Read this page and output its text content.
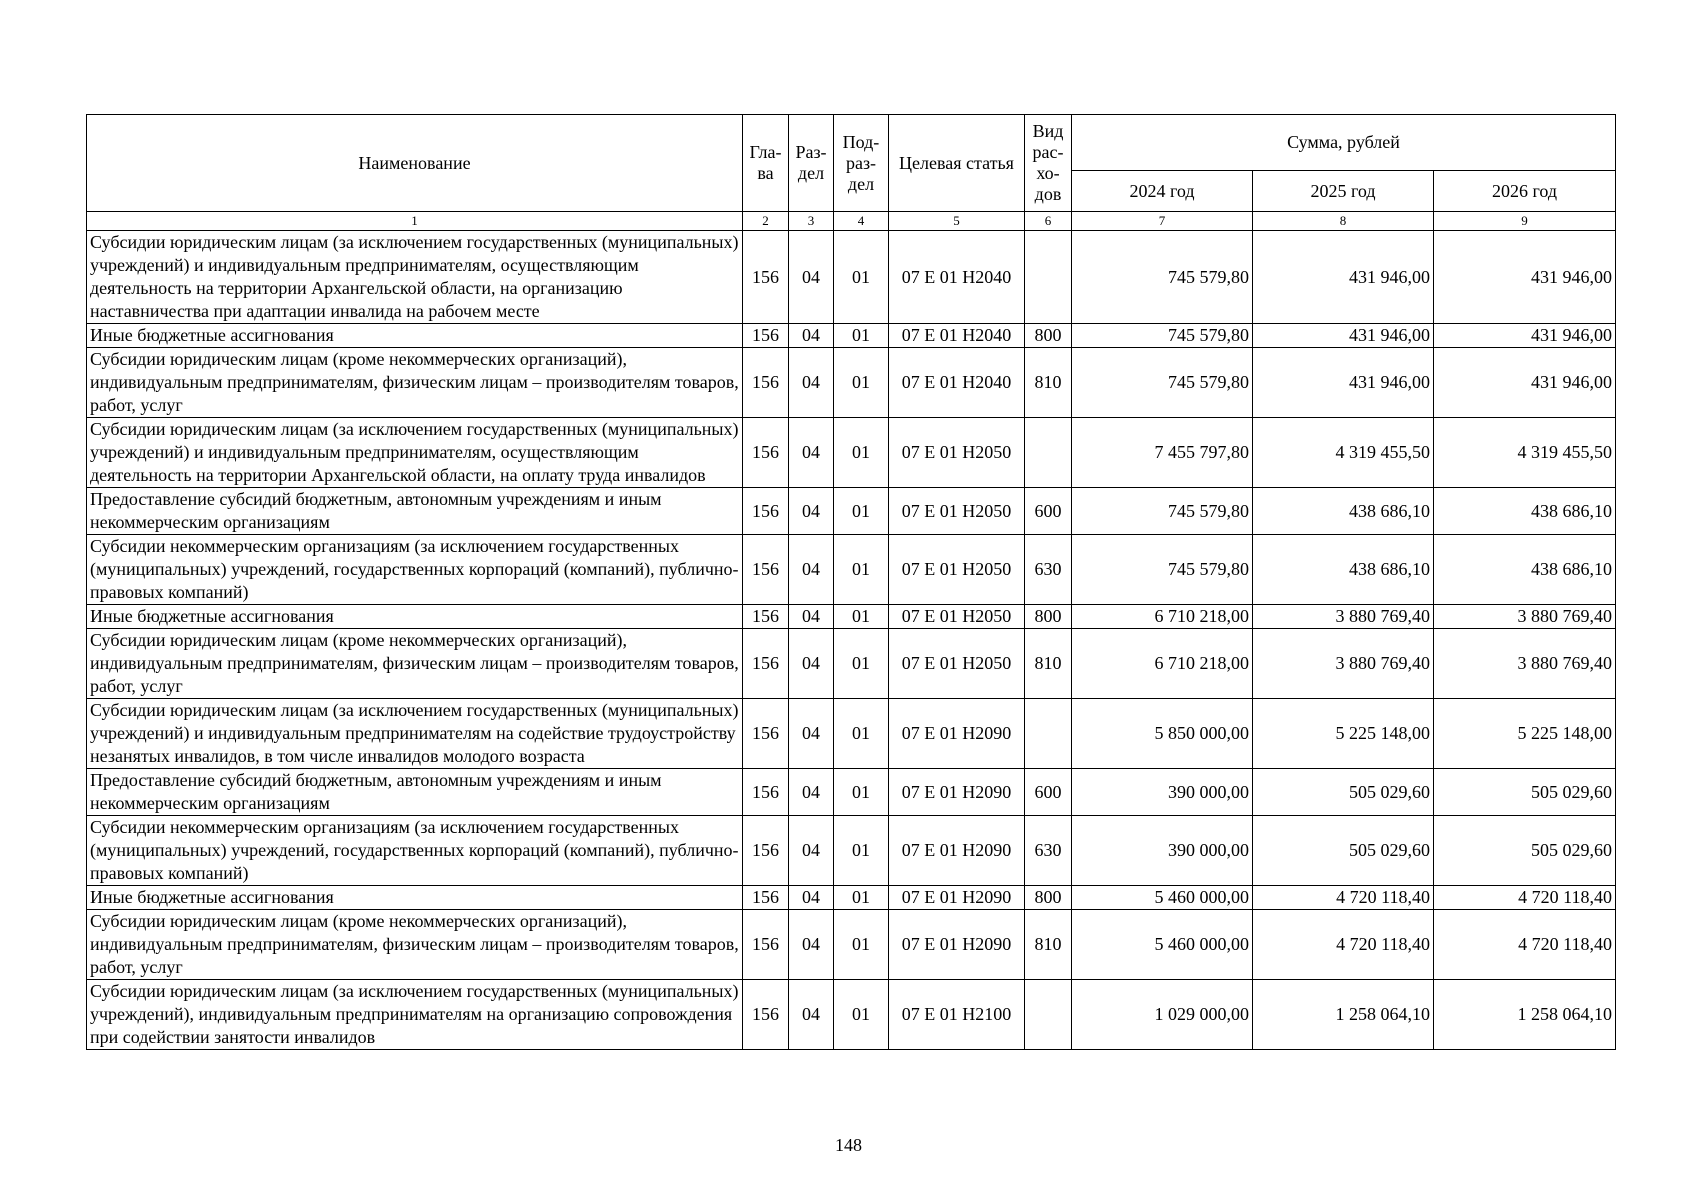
Наименование	Гла-ва	Раз-дел	Под-раз-дел	Целевая статья	Вид рас-хо-дов	Сумма, рублей		
						2024 год	2025 год	2026 год
1	2	3	4	5	6	7	8	9
Субсидии юридическим лицам (за исключением государственных (муниципальных) учреждений) и индивидуальным предпринимателям, осуществляющим деятельность на территории Архангельской области, на организацию наставничества при адаптации инвалида на рабочем месте	156	04	01	07 Е 01 Н2040		745 579,80	431 946,00	431 946,00
Иные бюджетные ассигнования	156	04	01	07 Е 01 Н2040	800	745 579,80	431 946,00	431 946,00
Субсидии юридическим лицам (кроме некоммерческих организаций), индивидуальным предпринимателям, физическим лицам – производителям товаров, работ, услуг	156	04	01	07 Е 01 Н2040	810	745 579,80	431 946,00	431 946,00
Субсидии юридическим лицам (за исключением государственных (муниципальных) учреждений) и индивидуальным предпринимателям, осуществляющим деятельность на территории Архангельской области, на оплату труда инвалидов	156	04	01	07 Е 01 Н2050		7 455 797,80	4 319 455,50	4 319 455,50
Предоставление субсидий бюджетным, автономным учреждениям и иным некоммерческим организациям	156	04	01	07 Е 01 Н2050	600	745 579,80	438 686,10	438 686,10
Субсидии некоммерческим организациям (за исключением государственных (муниципальных) учреждений, государственных корпораций (компаний), публично-правовых компаний)	156	04	01	07 Е 01 Н2050	630	745 579,80	438 686,10	438 686,10
Иные бюджетные ассигнования	156	04	01	07 Е 01 Н2050	800	6 710 218,00	3 880 769,40	3 880 769,40
Субсидии юридическим лицам (кроме некоммерческих организаций), индивидуальным предпринимателям, физическим лицам – производителям товаров, работ, услуг	156	04	01	07 Е 01 Н2050	810	6 710 218,00	3 880 769,40	3 880 769,40
Субсидии юридическим лицам (за исключением государственных (муниципальных) учреждений) и индивидуальным предпринимателям на содействие трудоустройству незанятых инвалидов, в том числе инвалидов молодого возраста	156	04	01	07 Е 01 Н2090		5 850 000,00	5 225 148,00	5 225 148,00
Предоставление субсидий бюджетным, автономным учреждениям и иным некоммерческим организациям	156	04	01	07 Е 01 Н2090	600	390 000,00	505 029,60	505 029,60
Субсидии некоммерческим организациям (за исключением государственных (муниципальных) учреждений, государственных корпораций (компаний), публично-правовых компаний)	156	04	01	07 Е 01 Н2090	630	390 000,00	505 029,60	505 029,60
Иные бюджетные ассигнования	156	04	01	07 Е 01 Н2090	800	5 460 000,00	4 720 118,40	4 720 118,40
Субсидии юридическим лицам (кроме некоммерческих организаций), индивидуальным предпринимателям, физическим лицам – производителям товаров, работ, услуг	156	04	01	07 Е 01 Н2090	810	5 460 000,00	4 720 118,40	4 720 118,40
Субсидии юридическим лицам (за исключением государственных (муниципальных) учреждений), индивидуальным предпринимателям на организацию сопровождения при содействии занятости инвалидов	156	04	01	07 Е 01 Н2100		1 029 000,00	1 258 064,10	1 258 064,10
148
